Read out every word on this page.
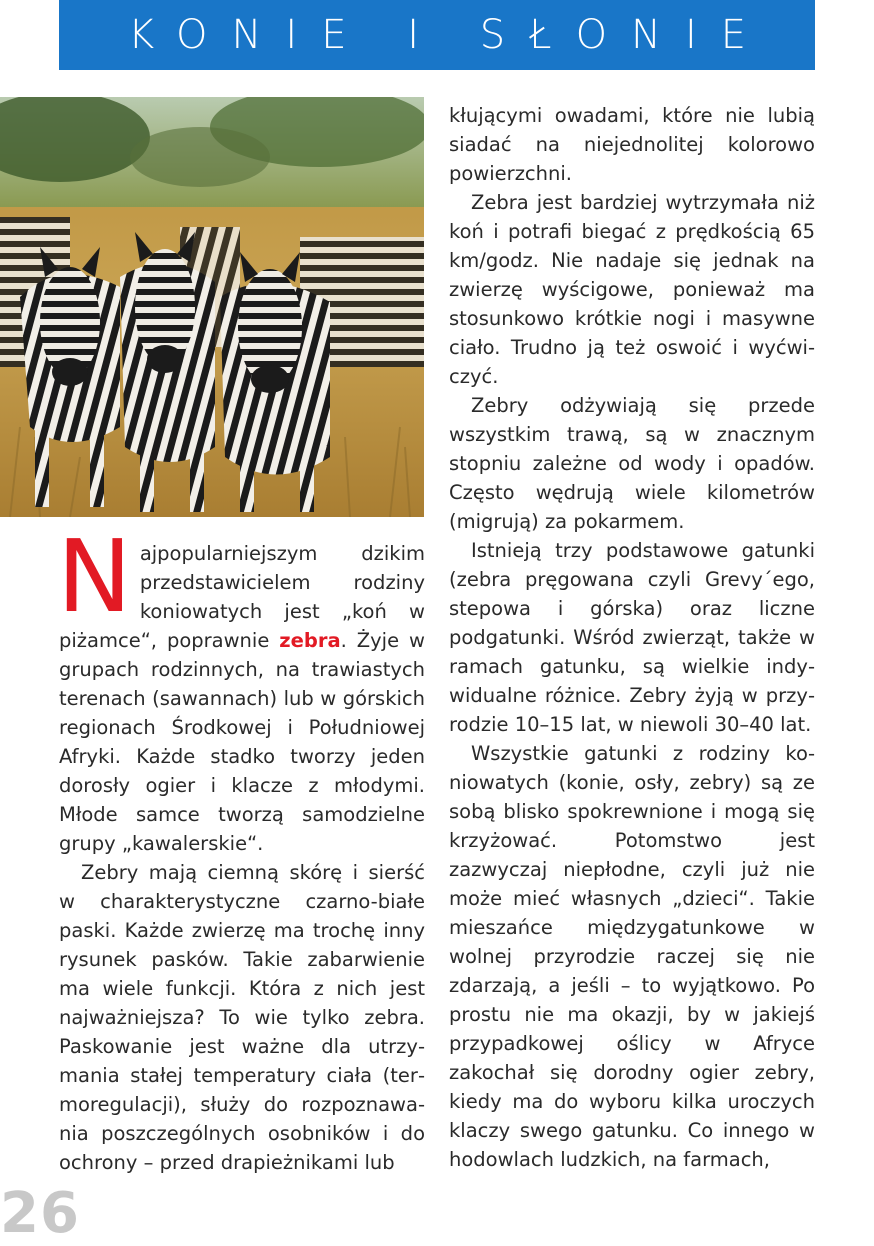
KONIE I SŁONIE

Najpopularniejszym dzikim przedstawicielem rodziny koniowatych jest „koń w piżamce“, poprawnie zebra. Żyje w grupach rodzinnych, na trawiastych terenach (sawannach) lub w górskich regionach Środkowej i Południowej Afryki. Każde stadko tworzy jeden dorosły ogier i klacze z młodymi. Młode samce tworzą samodzielne grupy „kawalerskie“.

Zebry mają ciemną skórę i sierść w charakterystyczne czarno-białe paski. Każde zwierzę ma trochę inny rysunek pasków. Takie zabarwienie ma wiele funkcji. Która z nich jest najważniejsza? To wie tylko zebra. Paskowanie jest ważne dla utrzymania stałej temperatury ciała (termoregulacji), służy do rozpoznawania poszczególnych osobników i do ochrony – przed drapieżnikami lub

kłującymi owadami, które nie lubią siadać na niejednolitej kolorowo powierzchni.

Zebra jest bardziej wytrzymała niż koń i potrafi biegać z prędkością 65 km/godz. Nie nadaje się jednak na zwierzę wyścigowe, ponieważ ma stosunkowo krótkie nogi i masywne ciało. Trudno ją też oswoić i wyćwiczyć.

Zebry odżywiają się przede wszystkim trawą, są w znacznym stopniu zależne od wody i opadów. Często wędrują wiele kilometrów (migrują) za pokarmem.

Istnieją trzy podstawowe gatunki (zebra pręgowana czyli Grevy´ego, stepowa i górska) oraz liczne podgatunki. Wśród zwierząt, także w ramach gatunku, są wielkie indywidualne różnice. Zebry żyją w przyrodzie 10–15 lat, w niewoli 30–40 lat.

Wszystkie gatunki z rodziny koniowatych (konie, osły, zebry) są ze sobą blisko spokrewnione i mogą się krzyżować. Potomstwo jest zazwyczaj niepłodne, czyli już nie może mieć własnych „dzieci“. Takie mieszańce międzygatunkowe w wolnej przyrodzie raczej się nie zdarzają, a jeśli – to wyjątkowo. Po prostu nie ma okazji, by w jakiejś przypadkowej oślicy w Afryce zakochał się dorodny ogier zebry, kiedy ma do wyboru kilka uroczych klaczy swego gatunku. Co innego w hodowlach ludzkich, na farmach,

26
